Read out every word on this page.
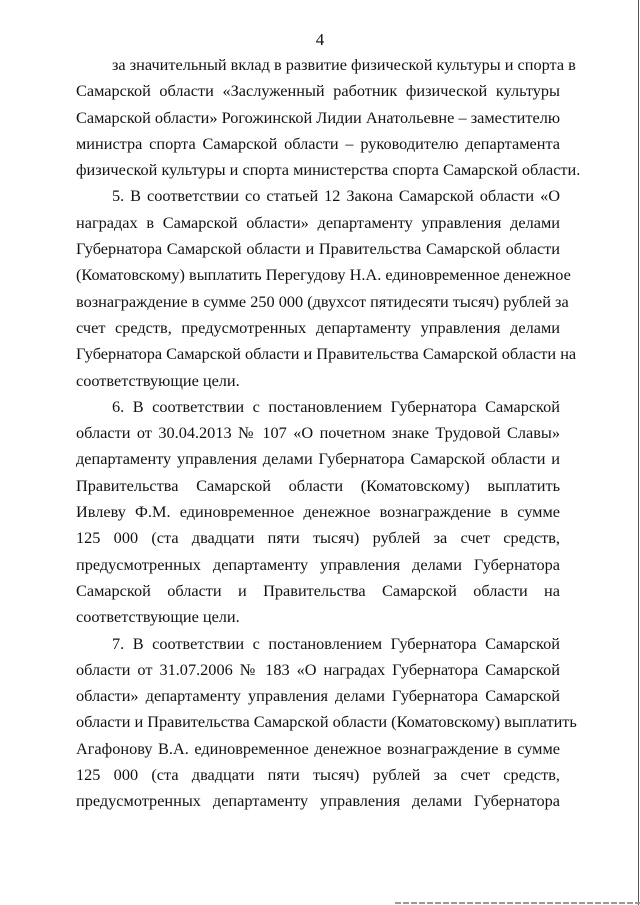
4
за значительный вклад в развитие физической культуры и спорта в
Самарской области «Заслуженный работник физической культуры
Самарской области» Рогожинской Лидии Анатольевне – заместителю
министра спорта Самарской области – руководителю департамента
физической культуры и спорта министерства спорта Самарской области.
5. В соответствии со статьей 12 Закона Самарской области «О
наградах в Самарской области» департаменту управления делами
Губернатора Самарской области и Правительства Самарской области
(Коматовскому) выплатить Перегудову Н.А. единовременное денежное
вознаграждение в сумме 250 000 (двухсот пятидесяти тысяч) рублей за
счет средств, предусмотренных департаменту управления делами
Губернатора Самарской области и Правительства Самарской области на
соответствующие цели.
6. В соответствии с постановлением Губернатора Самарской
области от 30.04.2013 № 107 «О почетном знаке Трудовой Славы»
департаменту управления делами Губернатора Самарской области и
Правительства Самарской области (Коматовскому) выплатить
Ивлеву Ф.М. единовременное денежное вознаграждение в сумме
125 000 (ста двадцати пяти тысяч) рублей за счет средств,
предусмотренных департаменту управления делами Губернатора
Самарской области и Правительства Самарской области на
соответствующие цели.
7. В соответствии с постановлением Губернатора Самарской
области от 31.07.2006 № 183 «О наградах Губернатора Самарской
области» департаменту управления делами Губернатора Самарской
области и Правительства Самарской области (Коматовскому) выплатить
Агафонову В.А. единовременное денежное вознаграждение в сумме
125 000 (ста двадцати пяти тысяч) рублей за счет средств,
предусмотренных департаменту управления делами Губернатора
